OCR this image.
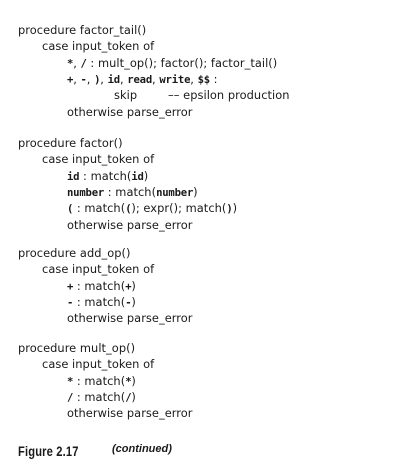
procedure factor_tail()
case input_token of
*, / : mult_op(); factor(); factor_tail()
+, -, ), id, read, write, $$ :
skip	–– epsilon production
otherwise parse_error
procedure factor()
case input_token of
id : match(id)
number : match(number)
( : match((); expr(); match())
otherwise parse_error
procedure add_op()
case input_token of
+ : match(+)
- : match(-)
otherwise parse_error
procedure mult_op()
case input_token of
* : match(*)
/ : match(/)
otherwise parse_error
Figure 2.17	(continued)
